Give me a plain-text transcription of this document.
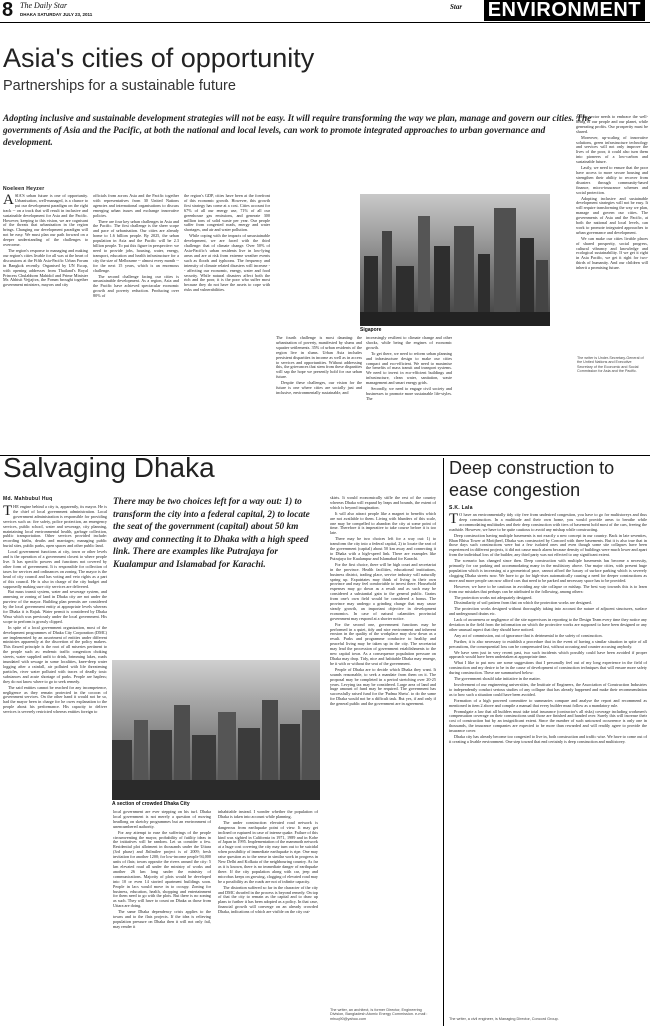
8 The Daily Star
DHAKA SATURDAY JULY 23, 2011
Star ENVIRONMENT
Asia's cities of opportunity
Partnerships for a sustainable future
Adopting inclusive and sustainable development strategies will not be easy. It will require transforming the way we plan, manage and govern our cities. The governments of Asia and the Pacific, at both the national and local levels, can work to promote integrated approaches to urban governance and development.
Noeleen Heyzer

ASIA'S urban future is one of opportunity. Urbanisation, well-managed, is a chance to put our development paradigm on the right track -- on a track that will result in inclusive and sustainable development for Asia and the Pacific. However, keeping to this vision, we are cognisant of the threats that urbanisation in the region brings. Changing our development paradigm will not be easy. We must plan our path forward on a deeper understanding of the challenges to overcome.

The region's response to managing and making our region's cities livable for all was at the heart of discussions at the Fifth Asia-Pacific Urban Forum in Bangkok recently. Organised by UN Escap, with opening addresses from Thailand's Royal Princess Chulabhorn Mahidol and Prime Minister Mr. Abhisit Vejjajiva, the Forum brought together government ministers, mayors and city

officials from across Asia and the Pacific together with representatives from 30 United Nations agencies and international organisations to discuss emerging urban issues and exchange innovative policies.

There are four key urban challenges in Asia and the Pacific. The first challenge is the sheer scope and pace of urbanisation. Our cities are already home to 1.6 billion people. By 2025, the urban population in Asia and the Pacific will be 2.3 billion people. To put this figure in perspective: we need to provide jobs, housing, water, energy, transport, education and health infrastructure for a city the size of Melbourne -- almost every month -- for the next 15 years, which is an enormous challenge.

The second challenge facing our cities is unsustainable development. As a region, Asia and the Pacific have achieved spectacular economic growth and poverty reduction. Producing over 80% of

the region's GDP, cities have been at the forefront of this economic growth. However, this growth first strategy has come at a cost. Cities account for 67% of all our energy use, 71% of all our greenhouse gas emissions, and generate 300 million tons of solid waste per year. Our people suffer from congested roads, energy and water shortages, and air and water pollution.

While coping with the impacts of unsustainable development, we are faced with the third challenge: that of climate change. Over 50% of Asia-Pacific's urban residents live in low-lying areas and are at risk from extreme weather events such as floods and typhoons. The frequency and intensity of climate related disasters will increase -- affecting our economic, energy, water and food security. While natural disasters affect both the rich and the poor, it is the poor who suffer most because they do not have the assets to cope with risks and vulnerabilities.

Sigapore

The fourth challenge is most daunting: the urbanisation of poverty, manifested by slums and squatter settlements. 35% of urban residents of the region live in slums. Urban Asia includes persistent disparities in income as well as in access to services and opportunities. Without addressing this, the grievances that stem from these disparities will sap the hope we presently hold for our urban future.

Despite these challenges, our vision for the future is one where cities are socially just and inclusive, environmentally sustainable, and

increasingly resilient to climate change and other shocks, while being the engines of economic growth.

To get there, we need to reform urban planning and infrastructure design to make our cities compact and eco-efficient. We need to maximise the benefits of mass transit and transport systems. We need to invest in eco-efficient buildings and infrastructure, clean water, sanitation, waste management and smart energy grids.

Secondly, we need to engage civil society and businesses to promote more sustainable life-styles. The

private sector needs to embrace the well-being of our people and our planet, while generating profits. Our prosperity must be shared.

Moreover, up-scaling of innovative solutions, green infrastructure technology and services will not only improve the lives of the poor, it could also turn them into pioneers of a low-carbon and sustainable future.

Lastly, we need to ensure that the poor have access to more secure housing and strengthen their ability to recover from disasters through community-based finance, micro-insurance schemes and social protection.

Adopting inclusive and sustainable development strategies will not be easy. It will require transforming the way we plan, manage and govern our cities. The governments of Asia and the Pacific, at both the national and local levels, can work to promote integrated approaches to urban governance and development.

We can make our cities livable places of shared prosperity, social progress, cultural vibrancy and knowledge and ecological sustainability. If we get it right in Asia Pacific, we get it right for two-thirds of humanity. And our children will inherit a promising future.

The writer is Under-Secretary-General of the United Nations and Executive Secretary of the Economic and Social Commission for Asia and the Pacific.
Salvaging Dhaka
Md. Mahbubul Huq

THE engine behind a city is, apparently, its mayor. He is the chief of local government administration. Local government administration is responsible for providing services such as: fire safety, police protection, an emergency services, public school, water and sewerage, city planning, maintaining local environmental health, garbage collection, public transportation. Other services provided include: recording births, deaths and marriages; managing public burial sites, public parks, open spaces and other public land.

Local government functions at city, town or other levels and is the operation of a government closest to where people live. It has specific powers and functions not covered by other form of government. It is responsible for collection of taxes for services and ordinances on zoning. The mayor is the head of city council and has voting and veto rights as a part of this council. He is also in charge of the city budget and supposedly making sure city services are delivered.

But mass transit system, water and sewerage system, and annexing or zoning of land in Dhaka city are not under the purview of the mayor. Building plan permits are considered by the local government entity at appropriate levels whereas for Dhaka it is Rajuk. Water permit is considered by Dhaka Wasa which was previously under the local government. His scope to perform is grossly clipped.

In spite of a local government organization, most of the development programmes of Dhaka City Corporation (DMC) are implemented by an assortment of entities under different ministries apparently at the discretion of the policy makers. This flawed principle is the root of all miseries pertinent to the people such as: endemic traffic congestion choking streets, water supplied unfit to drink, brimming lakes, roads inundated with sewage in some localities, knee-deep water logging after a rainfall, air polluted with life threatening particles, river water polluted with traces of deadly toxic substances and acute shortage of parks. People are hapless; they do not know where to go to seek remedy.

The said entities cannot be reached for any incompetence, negligence as they remain protected in the cocoon of government services. On the other hand it would not be so, had the mayor been in charge for he owes explanation to the people about his performance. His capacity to deliver services is severely restricted whereas entities foreign to

There may be two choices left for a way out: 1) to transform the city into a federal capital, 2) to locate the seat of the government (capital) about 50 km away and connecting it to Dhaka with a high speed link. There are examples like Putrajaya for Kualampur and Islamabad for Karachi.
A section of crowded Dhaka City

local government are ever stepping on his turf. Dhaka local government is not merely a question of moving headlong on sketchy programmes but an environment of unencumbered authority.

For any attempt to ease the sufferings of the people circumventing the mayor, probability of futility ideas in the initiatives will be random. Let us consider a few. Residential plot allotment in thousands under the Uttara (3rd phase) and Jhilmilee project is of 2009; fresh invitation for another 1200; for low-income people 94,000 units of flats; towns opposite the rivers around the city: 5 km elevated road all under the ministry of works and another 26 km long under the ministry of communications. Majority of plots would be developed into 10 or even 14 storied apartment buildings soon. People in lacs would move in to occupy. Zoning for business, education, health, shopping and entertainment for them need to go with the plots. But there is no zoning as such. They will have to count on Dhaka as those from Uttara are doing.

The same Dhaka dependency crisis applies to the towns and to the flats projects. If the idea is relieving population pressure on Dhaka then it will not only fail, may render it

inhabitable instead. I wonder whether the population of Dhaka is taken into account while planning.

The under construction elevated road network is dangerous from earthquake point of view. It may get inclined or ruptured in case of intense quake. Failure of this kind was sighted in California in 1971, 1989 and in Kobe of Japan in 1995. Implementation of the mammoth network at a huge cost covering the city may turn out to be suicidal when possibility of immediate earthquake is ripe. One may raise question as to the sense in similar work in progress in New Delhi and Kolkata of the neighbouring country. As far as it is known, there is no immediate danger of earthquake there. If the city population along with car, jeep and microbus keeps on growing, clogging of elevated road may be a possibility as the roads are not of infinite capacity.

The distortion suffered so far in the character of the city and DMC dwarfed in the process is beyond remedy. On top of that the city to remain as the capital and to draw up plans to further it has been adopted as a policy. In that case, financial growth will converge on an already crowded Dhaka, indications of which are visible on the city out-

skirts. It would economically stifle the rest of the country whereas Dhaka will expand by leaps and bounds, the extent of which is beyond imagination.

It will also attract people like a magnet to benefits which are not available to them. Living with blunders of this scale, one may be compelled to abandon the city at some point of time. Therefore it is imperative to take course before it is too late.

There may be two choices left for a way out: 1) to transform the city into a federal capital, 2) to locate the seat of the government (capital) about 50 km away and connecting it to Dhaka with a high-speed link. There are examples like Putrajaya for Kualampur and Islamabad for Karachi.

For the first choice, there will be high court and secretariat in the province. Health facilities, educational institutions, business district, trading place, service industry will naturally spring up. Expatriates may think of living in their own province and may feel comfortable to invest there. Household expenses may go down as a result and as such may be considered a substantial gain to the general public. Grains from one's own field would be considered a bonus. The province may undergo a grinding change that may cause steady growth, an important objective in development economics. In case of natural calamities provincial government may respond at a shorter notice.

For the second one, government functions may be performed in a quiet, tidy and nice environment and inherent erosion in the quality of the workplace may slow down as a result. Parks and programme conducive to healthy and peaceful living may be taken up in the city. The secretariat may lead the procession of government establishments to the new capital town. As a consequence population pressure on Dhaka may drop. Tidy, nice and habitable Dhaka may emerge, be it with or without the seat of the government.

People of Dhaka are to decide which Dhaka they want. It sounds reasonable, to seek a mandate from them on it. The proposal may be completed in a period stretching over 20-25 years. Levying tax may be considered. Large area of land and huge amount of fund may be required. The government has successfully raised fund for the 'Padma Shetu'. to do the same for Dhaka would not be a difficult task. But yes, if and only if the general public and the government are in agreement.

The writer, an architect, is former Director, Engineering Division, Bangladesh Atomic Energy Commission. e-mail : mhuq90@yahoo.com
Deep construction to ease congestion
S.K. Lala

TO have an environmentally tidy city free from undesired congestion, you have to go for multistoreys and thus deep construction. In a multitude and their own home, you would provide areas to breathe while accommodating multitudes and their deep construction with tiers of basement hold most of the cars, freeing the roadside. However, we have to be quite cautious to avoid any mishap while constructing.

Deep construction having multiple basements is not exactly a new concept in our country. Back in late seventies, Bhan Bhisu Tower at Motijheel, Dhaka was constructed by Concord with three basements. But it is also true that in those days such constructions were but a few isolated ones and even though some site collapses have been experienced in different projects, it did not cause much alarm because density of buildings were much lower and apart from the individual loss of the builder, any third party was not effected to any significant extent.

The scenario has changed since then. Deep construction with multiple basements has become a necessity, primarily for car parking and accommodating many in the multistory above. Our major cities, with present huge population which is increasing at a geometrical pace, cannot afford the luxury of surface parking which is severely clogging Dhaka streets now. We have to go for high-rises automatically causing a need for deeper constructions as more and more people can now afford cars that need to be parked and necessary space has to be provided.

However, we have to be cautious in avoiding any site collapse or mishap. The best way towards this is to learn from our mistakes that perhaps can be attributed to the following, among others:

The protection works not adequately designed.

Dissimilarity of soil pattern from that on which the protection works are designed.

The protection works designed without thoroughly taking into account the nature of adjacent structures, surface and underground drains etc.

Lack of awareness or negligence of the site supervisors in reporting to the Design Team every time they notice any deviation in the field from the information on which the protective works are supposed to have been designed or any other unusual aspect that they should have noticed.

Any act of commission, out of ignorance that is detrimental to the safety of construction.

Further, it is also necessary to establish a procedure that in the event of having a similar situation in spite of all precautions, the consequential loss can be compensated fast, without accusing and counter accusing anybody.

We have seen just in very recent past, two such incidents which possibly could have been avoided if proper approach would have been undertaken at appropriate time.

What I like to put now are some suggestions that I personally feel out of my long experience in the field of construction and my desire to be in the cause of development of construction techniques that will ensure more safety during construction. These are summarised below:

The government should take initiative in the matter.

Involvement of our engineering universities, the Institute of Engineers, the Association of Construction Industries to independently conduct serious studies of any collapse that has already happened and make their recommendation as to how such a situation could have been avoided.

Formation of a high powered committee to summaries compare and analyse the report and recommend as mentioned in item 2 above and compile a manual that every builder must follow as a mandatory rule.

Promulgate a law that all builders must take total insurance (contractor's all risks) coverage including workmen's compensation coverage on their constructions until those are finished and handed over. Surely this will increase their cost of construction but by an insignificant extent. Since the number of such untoward occurrence is only one in thousands, the insurance companies are expected to be more than rewarded and will readily agree to provide the insurance cover.

Dhaka city has already become too congested to live in, both construction and traffic wise. We have to come out of it creating a livable environment. One step toward that end certainly is deep construction and multistorey.

The writer, a civil engineer, is Managing Director, Concord Group.
